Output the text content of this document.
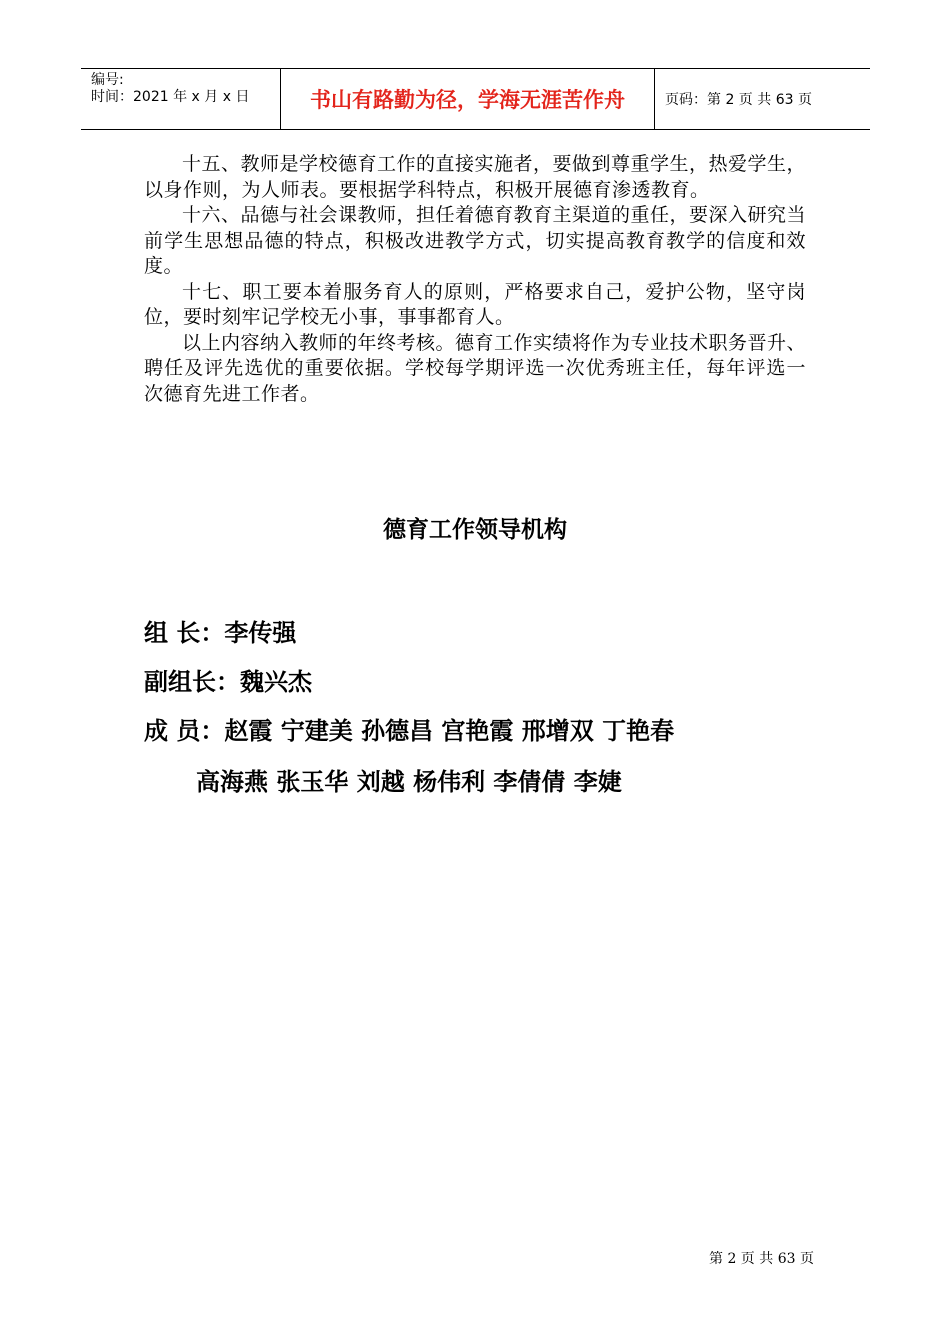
编号:
时间：2021 年 x 月 x 日	书山有路勤为径，学海无涯苦作舟	页码：第 2 页 共 63 页

十五、教师是学校德育工作的直接实施者，要做到尊重学生，热爱学生，以身作则，为人师表。要根据学科特点，积极开展德育渗透教育。

十六、品德与社会课教师，担任着德育教育主渠道的重任，要深入研究当前学生思想品德的特点，积极改进教学方式，切实提高教育教学的信度和效度。

十七、职工要本着服务育人的原则，严格要求自己，爱护公物，坚守岗位，要时刻牢记学校无小事，事事都育人。

以上内容纳入教师的年终考核。德育工作实绩将作为专业技术职务晋升、聘任及评先选优的重要依据。学校每学期评选一次优秀班主任，每年评选一次德育先进工作者。

德育工作领导机构
组 长：李传强
副组长：魏兴杰
成 员：赵霞 宁建美 孙德昌 宫艳霞 邢增双 丁艳春
高海燕 张玉华 刘越 杨伟利 李倩倩 李婕
第 2 页 共 63 页
